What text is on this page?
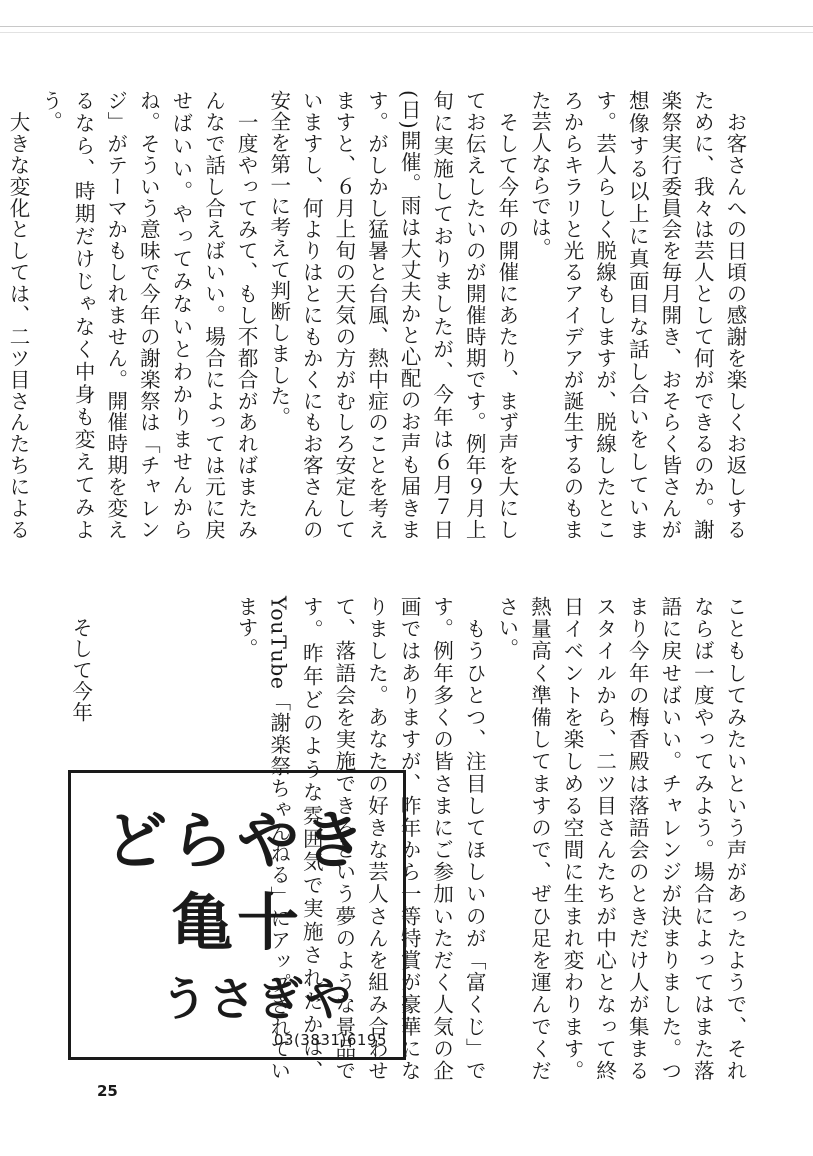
　お客さんへの日頃の感謝を楽しくお返しするために、我々は芸人として何ができるのか。謝楽祭実行委員会を毎月開き、おそらく皆さんが想像する以上に真面目な話し合いをしています。芸人らしく脱線もしますが、脱線したところからキラリと光るアイデアが誕生するのもまた芸人ならでは。

　そして今年の開催にあたり、まず声を大にしてお伝えしたいのが開催時期です。例年９月上旬に実施しておりましたが、今年は６月７日(日)開催。雨は大丈夫かと心配のお声も届きます。がしかし猛暑と台風、熱中症のことを考えますと、６月上旬の天気の方がむしろ安定していますし、何よりはとにもかくにもお客さんの安全を第一に考えて判断しました。

　一度やってみて、もし不都合があればまたみんなで話し合えばいい。場合によっては元に戻せばいい。やってみないとわかりませんからね。そういう意味で今年の謝楽祭は「チャレンジ」がテーマかもしれません。開催時期を変えるなら、時期だけじゃなく中身も変えてみよう。

　大きな変化としては、二ツ目さんたちによる

こともしてみたいという声があったようで、それならば一度やってみよう。場合によってはまた落語に戻せばいい。チャレンジが決まりました。つまり今年の梅香殿は落語会のときだけ人が集まるスタイルから、二ツ目さんたちが中心となって終日イベントを楽しめる空間に生まれ変わります。熱量高く準備してますので、ぜひ足を運んでください。

　もうひとつ、注目してほしいのが「富くじ」です。例年多くの皆さまにご参加いただく人気の企画ではありますが、昨年から一等特賞が豪華になりました。あなたの好きな芸人さんを組み合わせて、落語会を実施できるという夢のような景品です。昨年どのような雰囲気で実施されたかは、YouTube「謝楽祭ちゃんねる」にアップされています。

　そして今年

どらやき
亀十
うさぎや
03(3831)6195
25
